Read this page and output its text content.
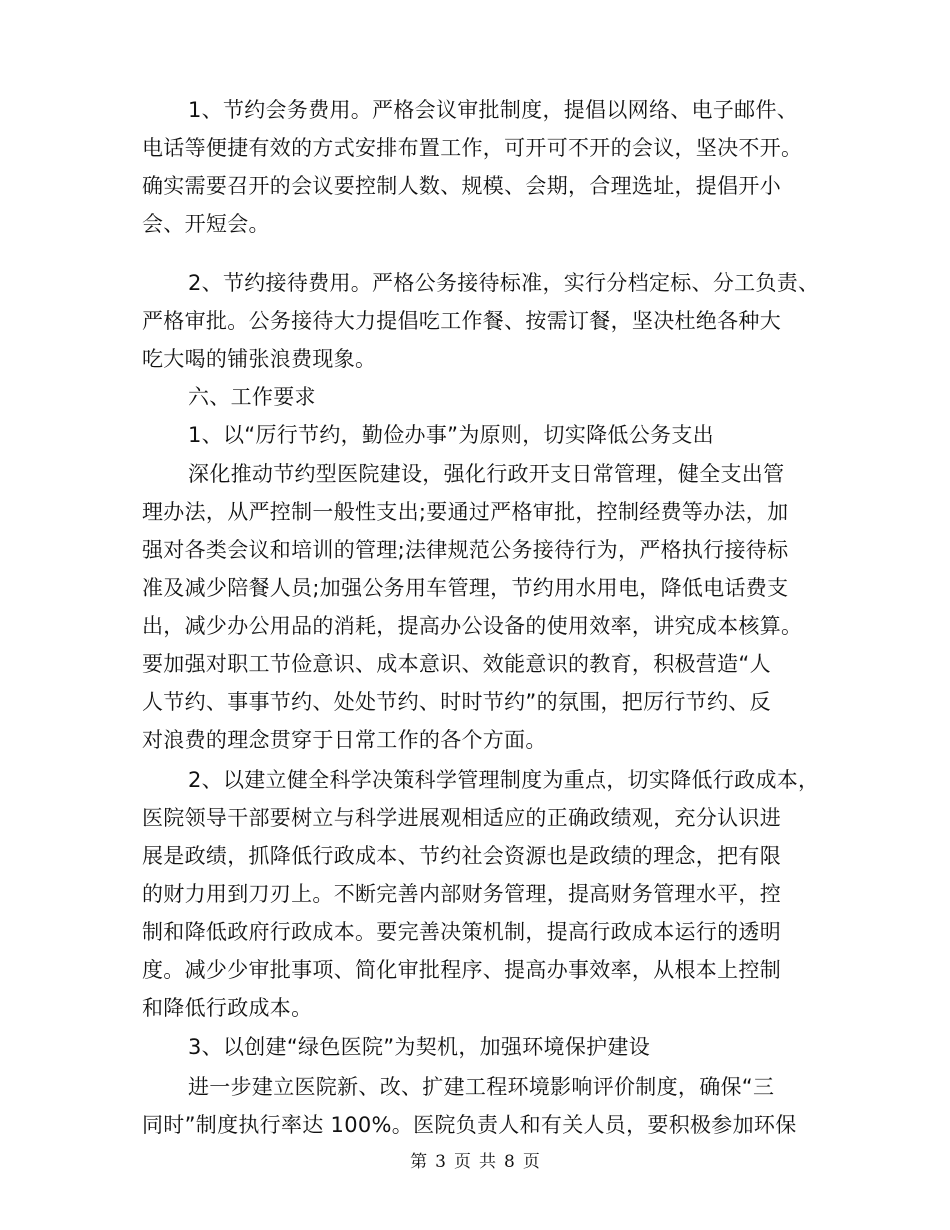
1、节约会务费用。严格会议审批制度，提倡以网络、电子邮件、
电话等便捷有效的方式安排布置工作，可开可不开的会议，坚决不开。
确实需要召开的会议要控制人数、规模、会期，合理选址，提倡开小
会、开短会。
2、节约接待费用。严格公务接待标准，实行分档定标、分工负责、
严格审批。公务接待大力提倡吃工作餐、按需订餐，坚决杜绝各种大
吃大喝的铺张浪费现象。
六、工作要求
1、以“厉行节约，勤俭办事”为原则，切实降低公务支出
深化推动节约型医院建设，强化行政开支日常管理，健全支出管
理办法，从严控制一般性支出;要通过严格审批，控制经费等办法，加
强对各类会议和培训的管理;法律规范公务接待行为，严格执行接待标
准及减少陪餐人员;加强公务用车管理，节约用水用电，降低电话费支
出，减少办公用品的消耗，提高办公设备的使用效率，讲究成本核算。
要加强对职工节俭意识、成本意识、效能意识的教育，积极营造“人
人节约、事事节约、处处节约、时时节约”的氛围，把厉行节约、反
对浪费的理念贯穿于日常工作的各个方面。
2、以建立健全科学决策科学管理制度为重点，切实降低行政成本，
医院领导干部要树立与科学进展观相适应的正确政绩观，充分认识进
展是政绩，抓降低行政成本、节约社会资源也是政绩的理念，把有限
的财力用到刀刃上。不断完善内部财务管理，提高财务管理水平，控
制和降低政府行政成本。要完善决策机制，提高行政成本运行的透明
度。减少少审批事项、简化审批程序、提高办事效率，从根本上控制
和降低行政成本。
3、以创建“绿色医院”为契机，加强环境保护建设
进一步建立医院新、改、扩建工程环境影响评价制度，确保“三
同时”制度执行率达 100%。医院负责人和有关人员，要积极参加环保
第 3 页 共 8 页
